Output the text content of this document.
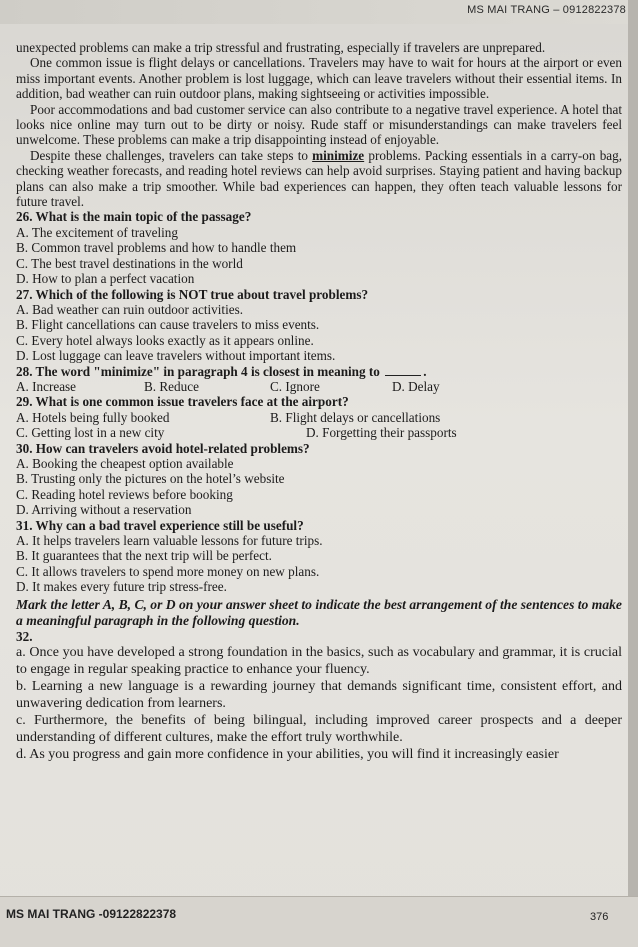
MS MAI TRANG – 0912822378

unexpected problems can make a trip stressful and frustrating, especially if travelers are unprepared.

One common issue is flight delays or cancellations. Travelers may have to wait for hours at the airport or even miss important events. Another problem is lost luggage, which can leave travelers without their essential items. In addition, bad weather can ruin outdoor plans, making sightseeing or activities impossible.

Poor accommodations and bad customer service can also contribute to a negative travel experience. A hotel that looks nice online may turn out to be dirty or noisy. Rude staff or misunderstandings can make travelers feel unwelcome. These problems can make a trip disappointing instead of enjoyable.

Despite these challenges, travelers can take steps to minimize problems. Packing essentials in a carry-on bag, checking weather forecasts, and reading hotel reviews can help avoid surprises. Staying patient and having backup plans can also make a trip smoother. While bad experiences can happen, they often teach valuable lessons for future travel.

26. What is the main topic of the passage?

A. The excitement of traveling

B. Common travel problems and how to handle them

C. The best travel destinations in the world

D. How to plan a perfect vacation

27. Which of the following is NOT true about travel problems?

A. Bad weather can ruin outdoor activities.

B. Flight cancellations can cause travelers to miss events.

C. Every hotel always looks exactly as it appears online.

D. Lost luggage can leave travelers without important items.

28. The word "minimize" in paragraph 4 is closest in meaning to	.

A. Increase	B. Reduce	C. Ignore	D. Delay

29. What is one common issue travelers face at the airport?

A. Hotels being fully booked	B. Flight delays or cancellations
C. Getting lost in a new city	D. Forgetting their passports

30. How can travelers avoid hotel-related problems?

A. Booking the cheapest option available

B. Trusting only the pictures on the hotel’s website

C. Reading hotel reviews before booking

D. Arriving without a reservation

31. Why can a bad travel experience still be useful?

A. It helps travelers learn valuable lessons for future trips.

B. It guarantees that the next trip will be perfect.

C. It allows travelers to spend more money on new plans.

D. It makes every future trip stress-free.

Mark the letter A, B, C, or D on your answer sheet to indicate the best arrangement of the sentences to make a meaningful paragraph in the following question.

32.

a. Once you have developed a strong foundation in the basics, such as vocabulary and grammar, it is crucial to engage in regular speaking practice to enhance your fluency.

b. Learning a new language is a rewarding journey that demands significant time, consistent effort, and unwavering dedication from learners.

c. Furthermore, the benefits of being bilingual, including improved career prospects and a deeper understanding of different cultures, make the effort truly worthwhile.

d. As you progress and gain more confidence in your abilities, you will find it increasingly easier

MS MAI TRANG -09122822378	376
